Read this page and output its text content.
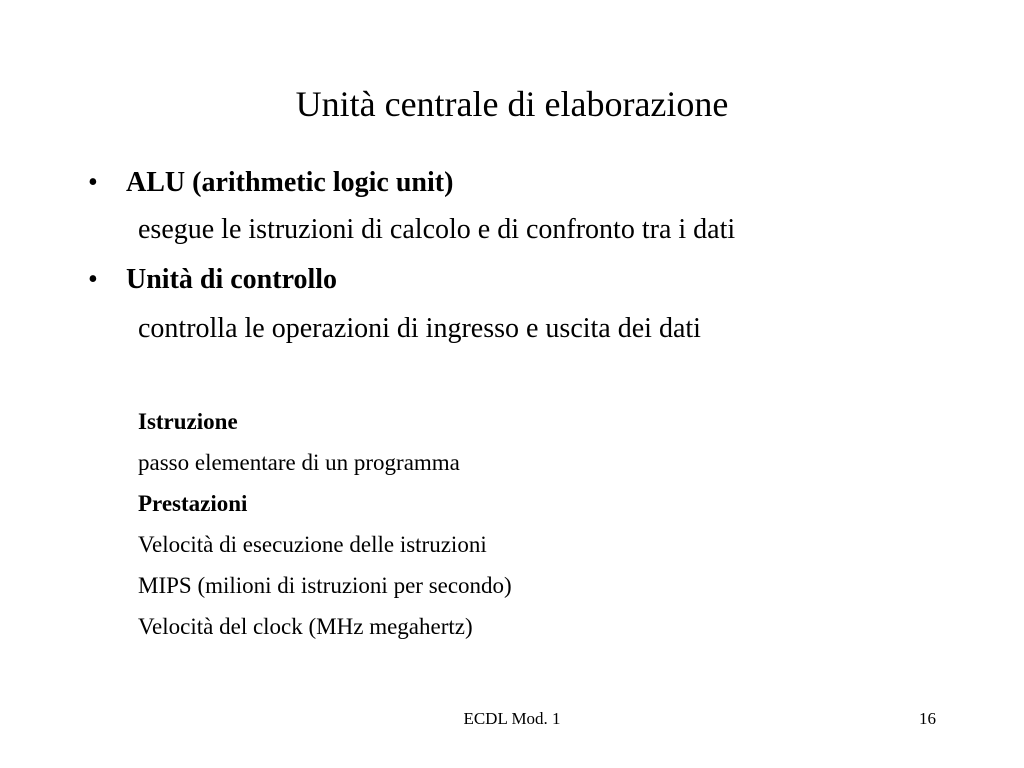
Unità centrale di elaborazione
• ALU (arithmetic logic unit)
esegue le istruzioni di calcolo e di confronto tra i dati
• Unità di controllo
controlla le operazioni di ingresso e uscita dei dati
Istruzione
passo elementare di un programma
Prestazioni
Velocità di esecuzione delle istruzioni
MIPS (milioni di istruzioni per secondo)
Velocità del clock (MHz megahertz)
ECDL Mod. 1	16
